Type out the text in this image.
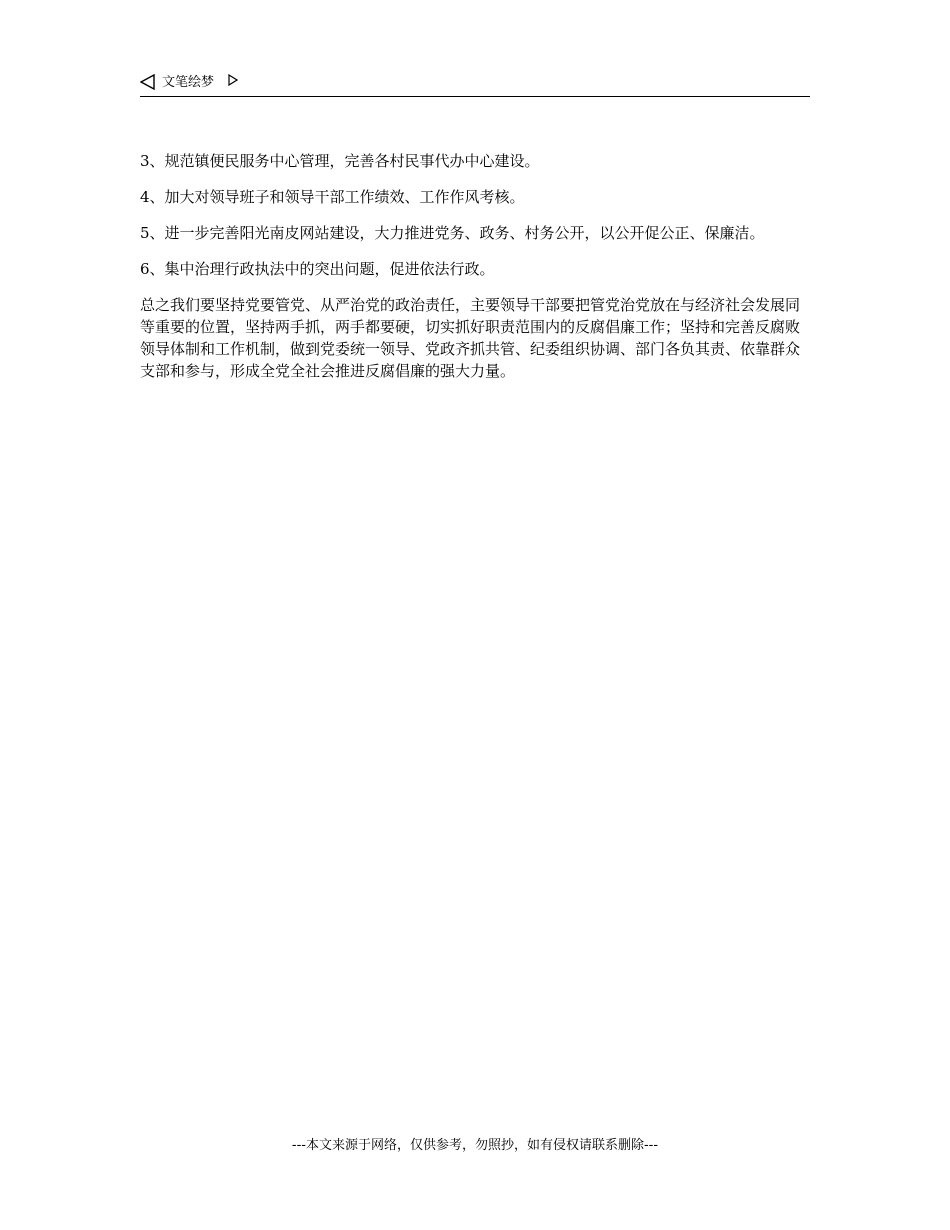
文笔绘梦

3、规范镇便民服务中心管理，完善各村民事代办中心建设。

4、加大对领导班子和领导干部工作绩效、工作作风考核。

5、进一步完善阳光南皮网站建设，大力推进党务、政务、村务公开，以公开促公正、保廉洁。

6、集中治理行政执法中的突出问题，促进依法行政。

总之我们要坚持党要管党、从严治党的政治责任，主要领导干部要把管党治党放在与经济社会发展同等重要的位置，坚持两手抓，两手都要硬，切实抓好职责范围内的反腐倡廉工作；坚持和完善反腐败领导体制和工作机制，做到党委统一领导、党政齐抓共管、纪委组织协调、部门各负其责、依靠群众支部和参与，形成全党全社会推进反腐倡廉的强大力量。

---本文来源于网络，仅供参考，勿照抄，如有侵权请联系删除---
